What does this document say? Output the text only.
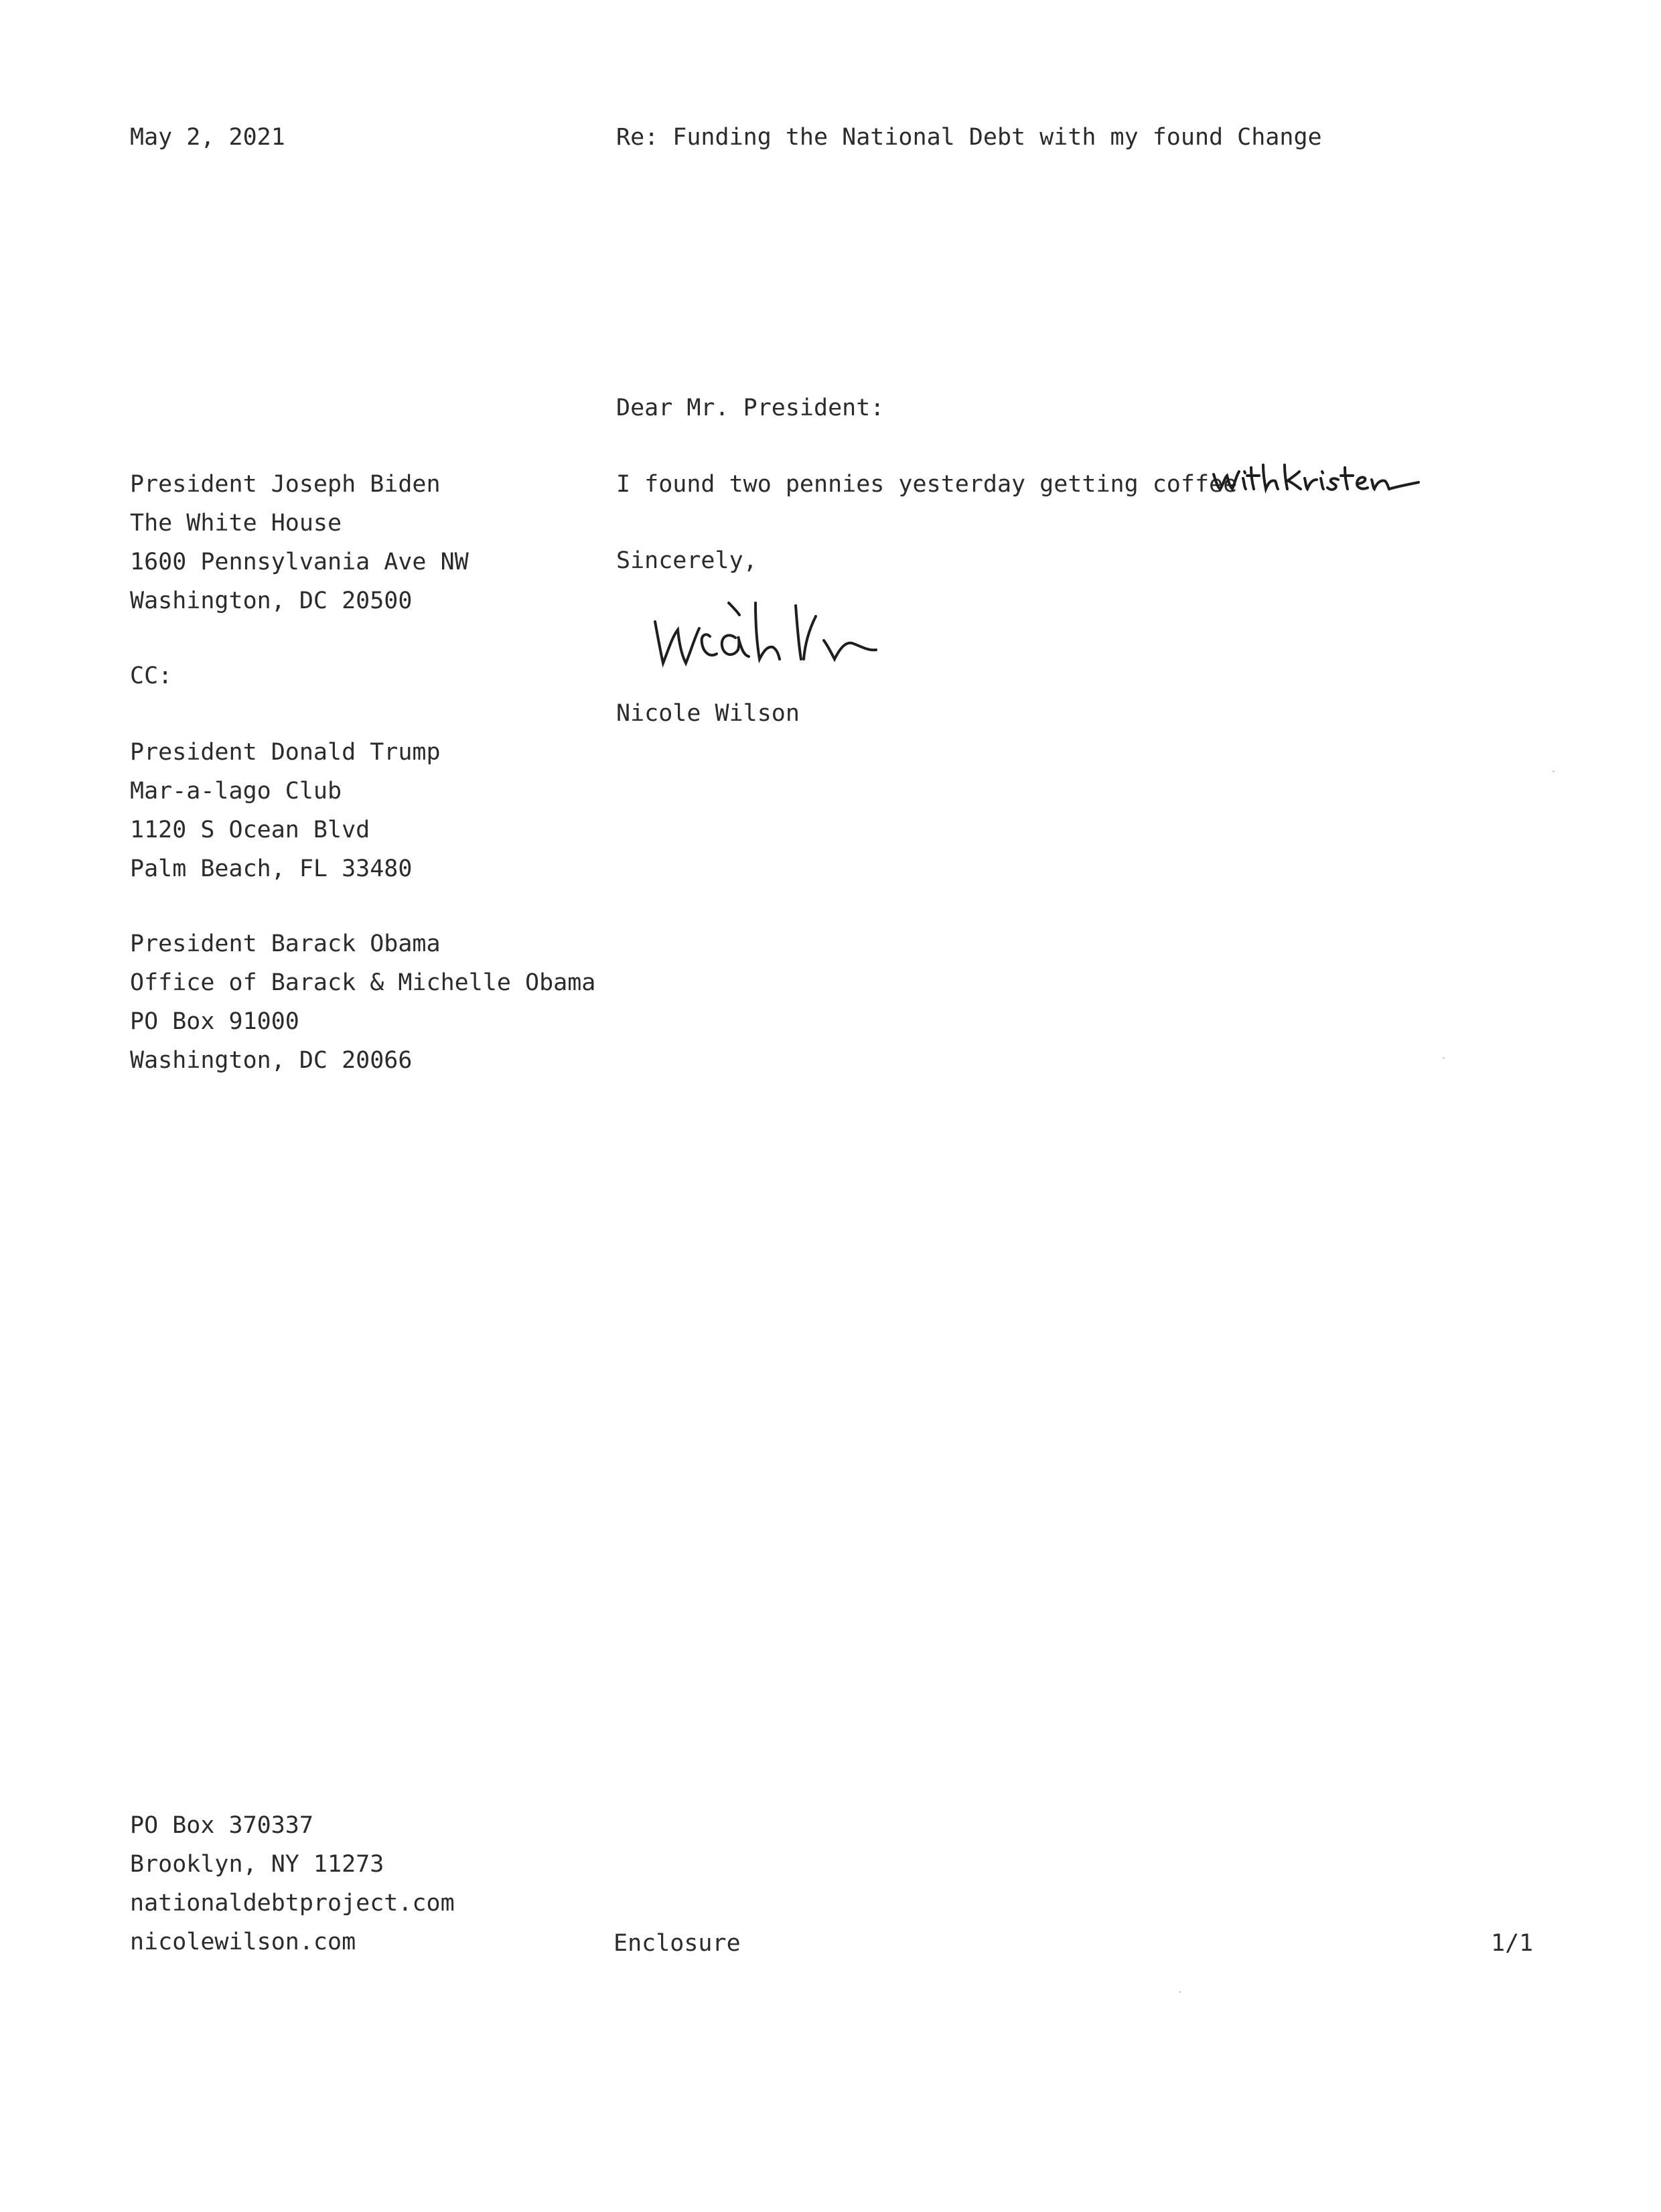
May 2, 2021	Re: Funding the National Debt with my found Change
Dear Mr. President:
I found two pennies yesterday getting coffee
Sincerely,
Nicole Wilson
President Joseph Biden
The White House
1600 Pennsylvania Ave NW
Washington, DC 20500
CC:
President Donald Trump
Mar-a-lago Club
1120 S Ocean Blvd
Palm Beach, FL 33480
President Barack Obama
Office of Barack & Michelle Obama
PO Box 91000
Washington, DC 20066
PO Box 370337
Brooklyn, NY 11273
nationaldebtproject.com
nicolewilson.com	Enclosure	1/1
